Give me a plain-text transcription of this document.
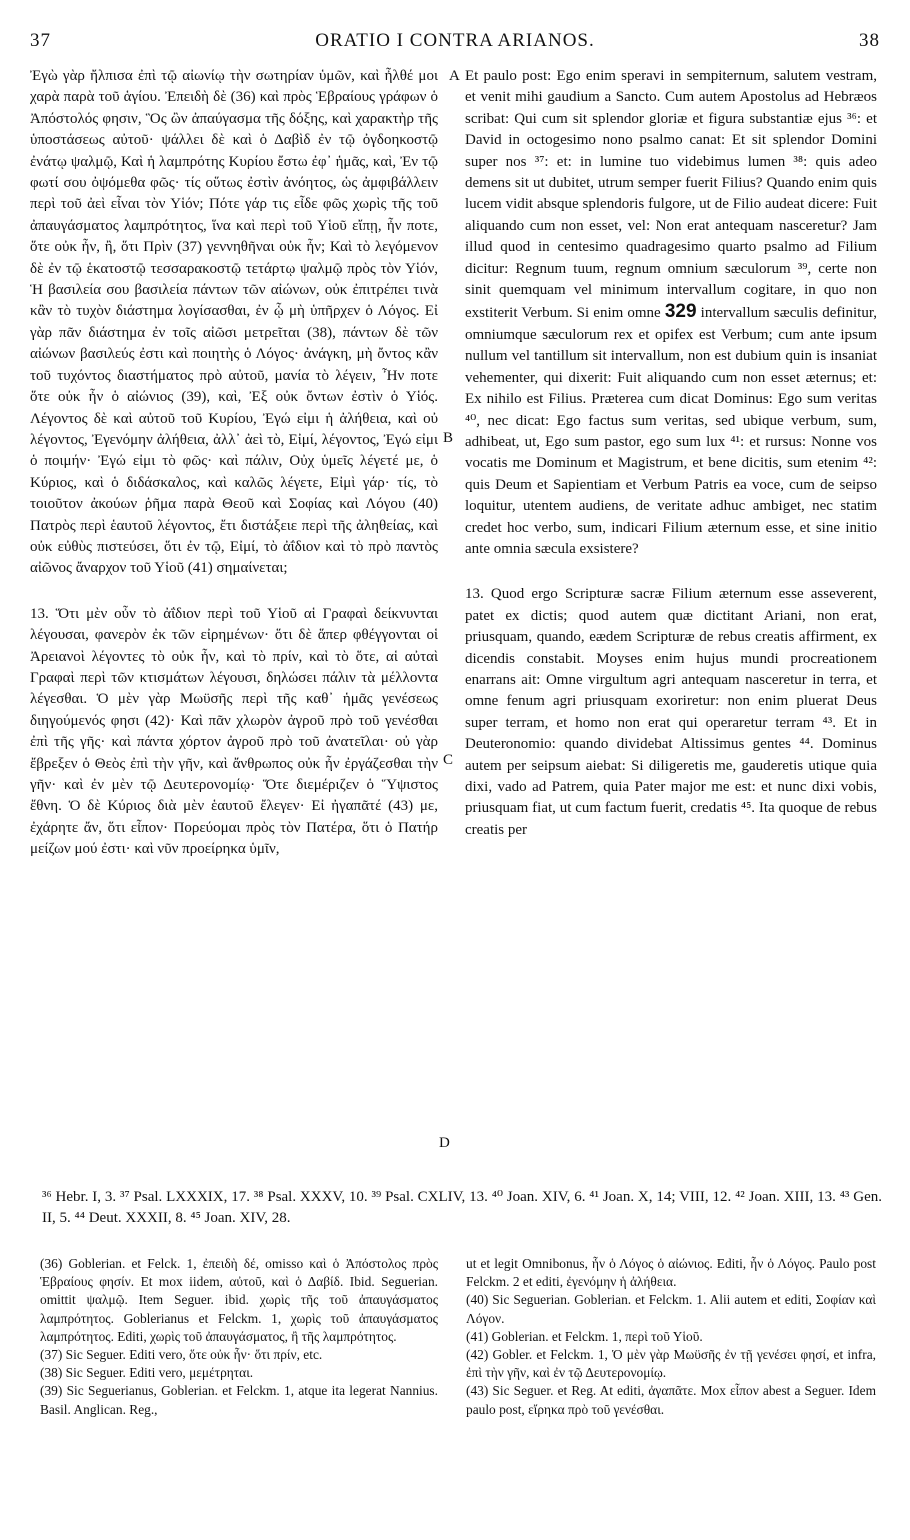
37	ORATIO I CONTRA ARIANOS.	38

Ἐγὼ γὰρ ἤλπισα ἐπὶ τῷ αἰωνίῳ τὴν σωτηρίαν ὑμῶν, καὶ ἦλθέ μοι χαρὰ παρὰ τοῦ ἁγίου. Ἐπειδὴ δὲ (36) καὶ πρὸς Ἑβραίους γράφων ὁ Ἀπόστολός φησιν, Ὃς ὢν ἀπαύγασμα τῆς δόξης, καὶ χαρακτὴρ τῆς ὑποστάσεως αὐτοῦ· ψάλλει δὲ καὶ ὁ Δαβὶδ ἐν τῷ ὀγδοηκοστῷ ἐνάτῳ ψαλμῷ, Καὶ ἡ λαμπρότης Κυρίου ἔστω ἐφ᾿ ἡμᾶς, καὶ, Ἐν τῷ φωτί σου ὀψόμεθα φῶς· τίς οὕτως ἐστὶν ἀνόητος, ὡς ἀμφιβάλλειν περὶ τοῦ ἀεὶ εἶναι τὸν Υἱόν; Πότε γάρ τις εἶδε φῶς χωρὶς τῆς τοῦ ἀπαυγάσματος λαμπρότητος, ἵνα καὶ περὶ τοῦ Υἱοῦ εἴπῃ, ἦν ποτε, ὅτε οὐκ ἦν, ἢ, ὅτι Πρὶν (37) γεννηθῆναι οὐκ ἦν; Καὶ τὸ λεγόμενον δὲ ἐν τῷ ἑκατοστῷ τεσσαρακοστῷ τετάρτῳ ψαλμῷ πρὸς τὸν Υἱόν, Ἡ βασιλεία σου βασιλεία πάντων τῶν αἰώνων, οὐκ ἐπιτρέπει τινὰ κἂν τὸ τυχὸν διάστημα λογίσασθαι, ἐν ᾧ μὴ ὑπῆρχεν ὁ Λόγος. Εἰ γὰρ πᾶν διάστημα ἐν τοῖς αἰῶσι μετρεῖται (38), πάντων δὲ τῶν αἰώνων βασιλεύς ἐστι καὶ ποιητὴς ὁ Λόγος· ἀνάγκη, μὴ ὄντος κἂν τοῦ τυχόντος διαστήματος πρὸ αὐτοῦ, μανία τὸ λέγειν, Ἦν ποτε ὅτε οὐκ ἦν ὁ αἰώνιος (39), καὶ, Ἐξ οὐκ ὄντων ἐστὶν ὁ Υἱός. Λέγοντος δὲ καὶ αὐτοῦ τοῦ Κυρίου, Ἐγώ εἰμι ἡ ἀλήθεια, καὶ οὐ λέγοντος, Ἐγενόμην ἀλήθεια, ἀλλ᾿ ἀεὶ τὸ, Εἰμί, λέγοντος, Ἐγώ εἰμι ὁ ποιμήν· Ἐγώ εἰμι τὸ φῶς· καὶ πάλιν, Οὐχ ὑμεῖς λέγετέ με, ὁ Κύριος, καὶ ὁ διδάσκαλος, καὶ καλῶς λέγετε, Εἰμὶ γάρ· τίς, τὸ τοιοῦτον ἀκούων ῥῆμα παρὰ Θεοῦ καὶ Σοφίας καὶ Λόγου (40) Πατρὸς περὶ ἑαυτοῦ λέγοντος, ἔτι διστάξειε περὶ τῆς ἀληθείας, καὶ οὐκ εὐθὺς πιστεύσει, ὅτι ἐν τῷ, Εἰμί, τὸ ἀΐδιον καὶ τὸ πρὸ παντὸς αἰῶνος ἄναρχον τοῦ Υἱοῦ (41) σημαίνεται;

13. Ὅτι μὲν οὖν τὸ ἀΐδιον περὶ τοῦ Υἱοῦ αἱ Γραφαὶ δείκνυνται λέγουσαι, φανερὸν ἐκ τῶν εἰρημένων· ὅτι δὲ ἅπερ φθέγγονται οἱ Ἀρειανοὶ λέγοντες τὸ οὐκ ἦν, καὶ τὸ πρίν, καὶ τὸ ὅτε, αἱ αὐταὶ Γραφαὶ περὶ τῶν κτισμάτων λέγουσι, δηλώσει πάλιν τὰ μέλλοντα λέγεσθαι. Ὁ μὲν γὰρ Μωϋσῆς περὶ τῆς καθ᾿ ἡμᾶς γενέσεως διηγούμενός φησι (42)· Καὶ πᾶν χλωρὸν ἀγροῦ πρὸ τοῦ γενέσθαι ἐπὶ τῆς γῆς· καὶ πάντα χόρτον ἀγροῦ πρὸ τοῦ ἀνατεῖλαι· οὐ γὰρ ἔβρεξεν ὁ Θεὸς ἐπὶ τὴν γῆν, καὶ ἄνθρωπος οὐκ ἦν ἐργάζεσθαι τὴν γῆν· καὶ ἐν μὲν τῷ Δευτερονομίῳ· Ὅτε διεμέριζεν ὁ Ὕψιστος ἔθνη. Ὁ δὲ Κύριος διὰ μὲν ἑαυτοῦ ἔλεγεν· Εἰ ἠγαπᾶτέ (43) με, ἐχάρητε ἄν, ὅτι εἶπον· Πορεύομαι πρὸς τὸν Πατέρα, ὅτι ὁ Πατήρ μείζων μού ἐστι· καὶ νῦν προείρηκα ὑμῖν,

A
B
C
D

Et paulo post: Ego enim speravi in sempiternum, salutem vestram, et venit mihi gaudium a Sancto. Cum autem Apostolus ad Hebræos scribat: Qui cum sit splendor gloriæ et figura substantiæ ejus ³⁶: et David in octogesimo nono psalmo canat: Et sit splendor Domini super nos ³⁷: et: in lumine tuo videbimus lumen ³⁸: quis adeo demens sit ut dubitet, utrum semper fuerit Filius? Quando enim quis lucem vidit absque splendoris fulgore, ut de Filio audeat dicere: Fuit aliquando cum non esset, vel: Non erat antequam nasceretur? Jam illud quod in centesimo quadragesimo quarto psalmo ad Filium dicitur: Regnum tuum, regnum omnium sæculorum ³⁹, certe non sinit quemquam vel minimum intervallum cogitare, in quo non exstiterit Verbum. Si enim omne 329 intervallum sæculis definitur, omniumque sæculorum rex et opifex est Verbum; cum ante ipsum nullum vel tantillum sit intervallum, non est dubium quin is insaniat vehementer, qui dixerit: Fuit aliquando cum non esset æternus; et: Ex nihilo est Filius. Præterea cum dicat Dominus: Ego sum veritas ⁴⁰, nec dicat: Ego factus sum veritas, sed ubique verbum, sum, adhibeat, ut, Ego sum pastor, ego sum lux ⁴¹: et rursus: Nonne vos vocatis me Dominum et Magistrum, et bene dicitis, sum etenim ⁴²: quis Deum et Sapientiam et Verbum Patris ea voce, cum de seipso loquitur, utentem audiens, de veritate adhuc ambiget, nec statim credet hoc verbo, sum, indicari Filium æternum esse, et sine initio ante omnia sæcula exsistere?

13. Quod ergo Scripturæ sacræ Filium æternum esse asseverent, patet ex dictis; quod autem quæ dictitant Ariani, non erat, priusquam, quando, eædem Scripturæ de rebus creatis affirment, ex dicendis constabit. Moyses enim hujus mundi procreationem enarrans ait: Omne virgultum agri antequam nasceretur in terra, et omne fenum agri priusquam exoriretur: non enim pluerat Deus super terram, et homo non erat qui operaretur terram ⁴³. Et in Deuteronomio: quando dividebat Altissimus gentes ⁴⁴. Dominus autem per seipsum aiebat: Si diligeretis me, gauderetis utique quia dixi, vado ad Patrem, quia Pater major me est: et nunc dixi vobis, priusquam fiat, ut cum factum fuerit, credatis ⁴⁵. Ita quoque de rebus creatis per

³⁶ Hebr. I, 3. ³⁷ Psal. LXXXIX, 17. ³⁸ Psal. XXXV, 10. ³⁹ Psal. CXLIV, 13. ⁴⁰ Joan. XIV, 6. ⁴¹ Joan. X, 14; VIII, 12. ⁴² Joan. XIII, 13. ⁴³ Gen. II, 5. ⁴⁴ Deut. XXXII, 8. ⁴⁵ Joan. XIV, 28.

(36) Goblerian. et Felck. 1, ἐπειδὴ δέ, omisso καὶ ὁ Ἀπόστολος πρὸς Ἑβραίους φησίν. Et mox iidem, αὐτοῦ, καὶ ὁ Δαβίδ. Ibid. Seguerian. omittit ψαλμῷ. Item Seguer. ibid. χωρὶς τῆς τοῦ ἀπαυγάσματος λαμπρότητος. Goblerianus et Felckm. 1, χωρὶς τοῦ ἀπαυγάσματος λαμπρότητος. Editi, χωρὶς τοῦ ἀπαυγάσματος, ἢ τῆς λαμπρότητος.

(37) Sic Seguer. Editi vero, ὅτε οὐκ ἦν· ὅτι πρίν, etc.

(38) Sic Seguer. Editi vero, μεμέτρηται.

(39) Sic Seguerianus, Goblerian. et Felckm. 1, atque ita legerat Nannius. Basil. Anglican. Reg.,

ut et legit Omnibonus, ἦν ὁ Λόγος ὁ αἰώνιος. Editi, ἦν ὁ Λόγος. Paulo post Felckm. 2 et editi, ἐγενόμην ἡ ἀλήθεια.

(40) Sic Seguerian. Goblerian. et Felckm. 1. Alii autem et editi, Σοφίαν καὶ Λόγον.

(41) Goblerian. et Felckm. 1, περὶ τοῦ Υἱοῦ.

(42) Gobler. et Felckm. 1, Ὁ μὲν γὰρ Μωϋσῆς ἐν τῇ γενέσει φησί, et infra, ἐπὶ τὴν γῆν, καὶ ἐν τῷ Δευτερονομίῳ.

(43) Sic Seguer. et Reg. At editi, ἀγαπᾶτε. Mox εἶπον abest a Seguer. Idem paulo post, εἴρηκα πρὸ τοῦ γενέσθαι.
